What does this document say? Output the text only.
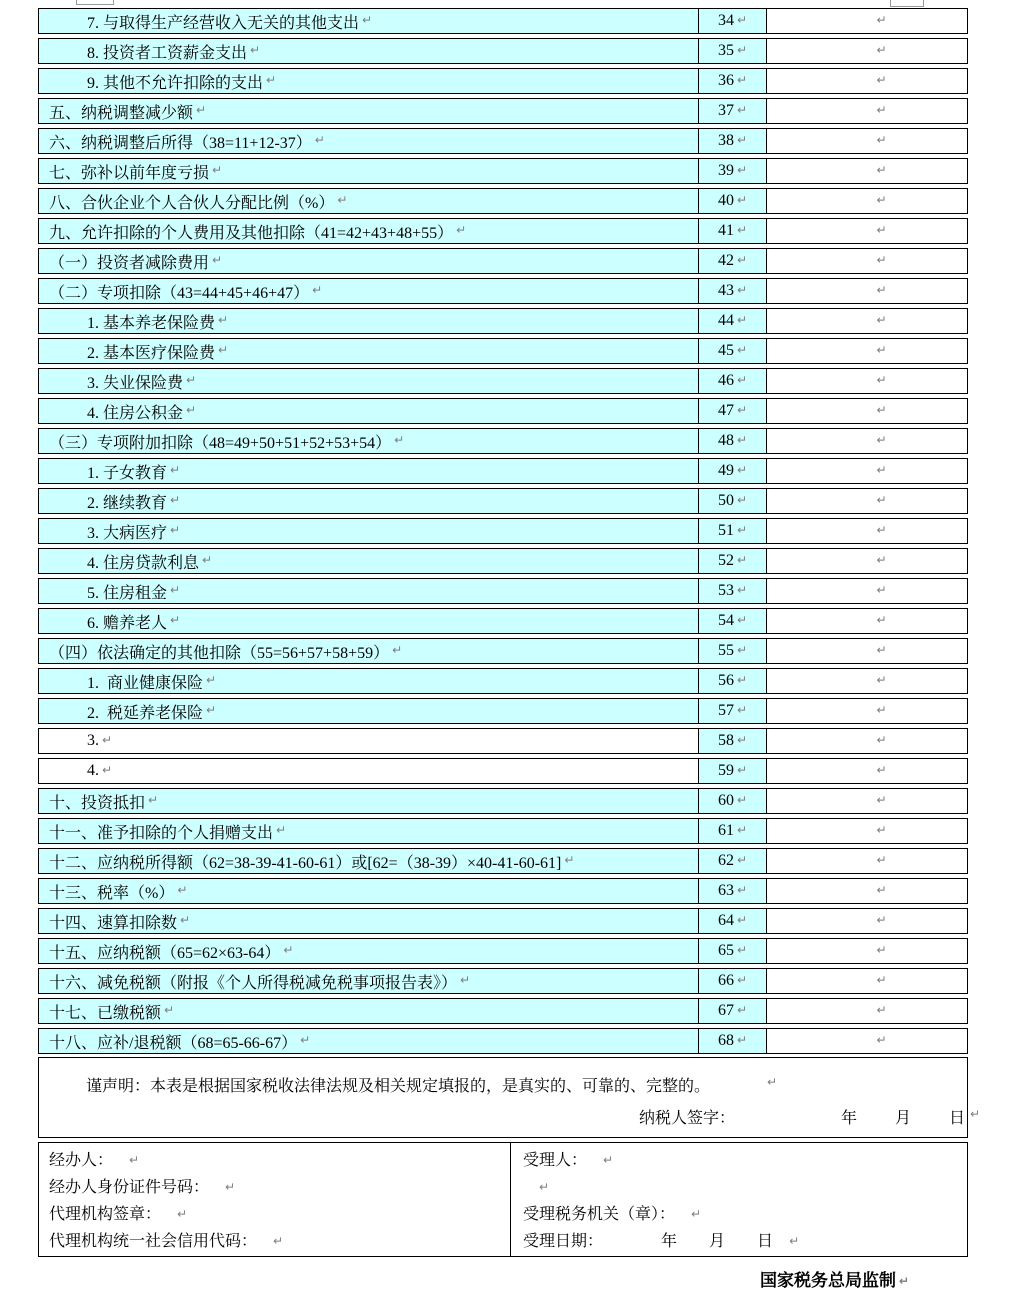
7. 与取得生产经营收入无关的其他支出 ↵	34 ↵	↵
8. 投资者工资薪金支出 ↵	35 ↵	↵
9. 其他不允许扣除的支出 ↵	36 ↵	↵
五、纳税调整减少额 ↵	37 ↵	↵
六、纳税调整后所得（38=11+12-37） ↵	38 ↵	↵
七、弥补以前年度亏损 ↵	39 ↵	↵
八、合伙企业个人合伙人分配比例（%） ↵	40 ↵	↵
九、允许扣除的个人费用及其他扣除（41=42+43+48+55） ↵	41 ↵	↵
（一）投资者减除费用 ↵	42 ↵	↵
（二）专项扣除（43=44+45+46+47） ↵	43 ↵	↵
1. 基本养老保险费 ↵	44 ↵	↵
2. 基本医疗保险费 ↵	45 ↵	↵
3. 失业保险费 ↵	46 ↵	↵
4. 住房公积金 ↵	47 ↵	↵
（三）专项附加扣除（48=49+50+51+52+53+54） ↵	48 ↵	↵
1. 子女教育 ↵	49 ↵	↵
2. 继续教育 ↵	50 ↵	↵
3. 大病医疗 ↵	51 ↵	↵
4. 住房贷款利息 ↵	52 ↵	↵
5. 住房租金 ↵	53 ↵	↵
6. 赡养老人 ↵	54 ↵	↵
（四）依法确定的其他扣除（55=56+57+58+59） ↵	55 ↵	↵
1.  商业健康保险 ↵	56 ↵	↵
2.  税延养老保险 ↵	57 ↵	↵
3. ↵	58 ↵	↵
4. ↵	59 ↵	↵
十、投资抵扣 ↵	60 ↵	↵
十一、准予扣除的个人捐赠支出 ↵	61 ↵	↵
十二、应纳税所得额（62=38-39-41-60-61）或[62=（38-39）×40-41-60-61] ↵	62 ↵	↵
十三、税率（%） ↵	63 ↵	↵
十四、速算扣除数 ↵	64 ↵	↵
十五、应纳税额（65=62×63-64） ↵	65 ↵	↵
十六、减免税额（附报《个人所得税减免税事项报告表》） ↵	66 ↵	↵
十七、已缴税额 ↵	67 ↵	↵
十八、应补/退税额（68=65-66-67） ↵	68 ↵	↵
谨声明：本表是根据国家税收法律法规及相关规定填报的，是真实的、可靠的、完整的。	↵
纳税人签字：	年 月 日 ↵
经办人： ↵
经办人身份证件号码： ↵
代理机构签章： ↵
代理机构统一社会信用代码： ↵
受理人： ↵
↵
受理税务机关（章）： ↵
受理日期：	年 月 日 ↵
国家税务总局监制 ↵
